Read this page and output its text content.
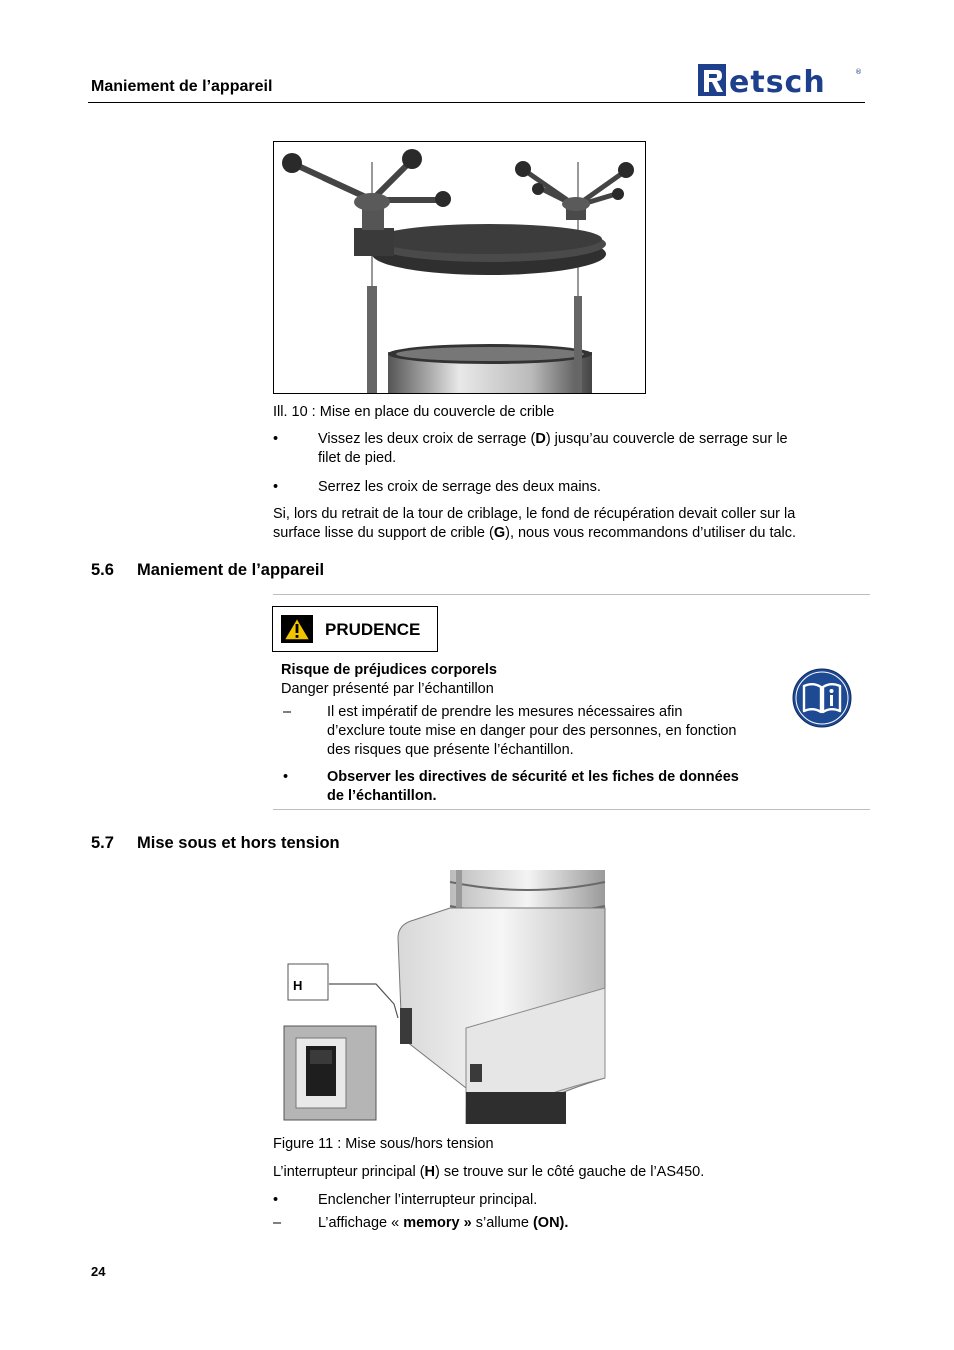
Maniement de l’appareil	etsch	®
Ill. 10 : Mise en place du couvercle de crible
•	Vissez les deux croix de serrage (D) jusqu’au couvercle de serrage sur le
filet de pied.
•	Serrez les croix de serrage des deux mains.
Si, lors du retrait de la tour de criblage, le fond de récupération devait coller sur la
surface lisse du support de crible (G), nous vous recommandons d’utiliser du talc.
5.6 Maniement de l’appareil
PRUDENCE
Risque de préjudices corporels
Danger présenté par l’échantillon
– Il est impératif de prendre les mesures nécessaires afin
d’exclure toute mise en danger pour des personnes, en fonction
des risques que présente l’échantillon.
•	Observer les directives de sécurité et les fiches de données
de l’échantillon.
5.7 Mise sous et hors tension
H
Figure 11 : Mise sous/hors tension
L’interrupteur principal (H) se trouve sur le côté gauche de l’AS450.
•	Enclencher l’interrupteur principal.
–	L’affichage « memory » s’allume (ON).
24
